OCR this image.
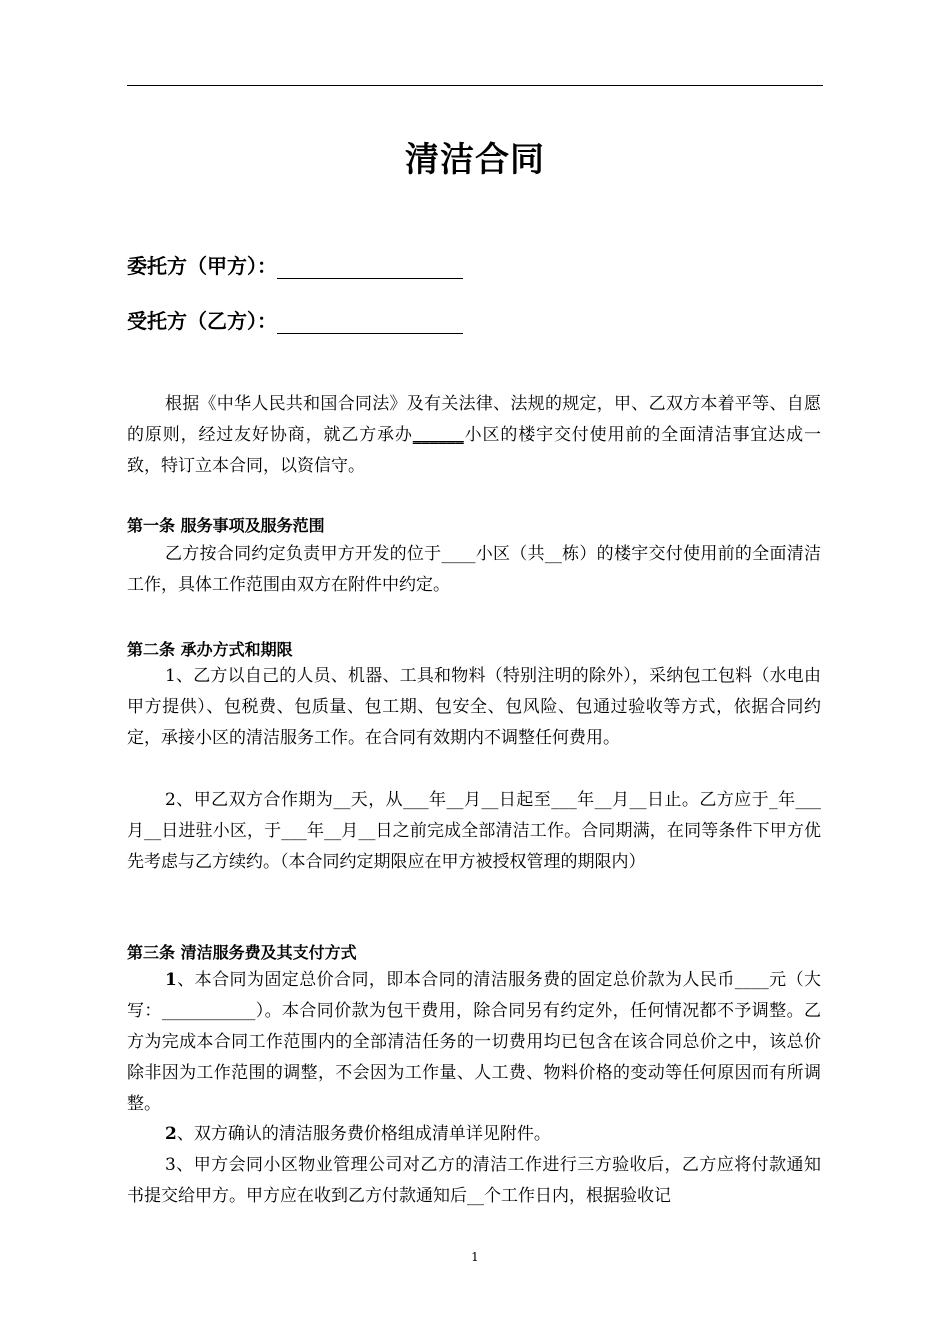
清洁合同
委托方（甲方）：
受托方（乙方）：
根据《中华人民共和国合同法》及有关法律、法规的规定，甲、乙双方本着平等、自愿的原则，经过友好协商，就乙方承办______小区的楼宇交付使用前的全面清洁事宜达成一致，特订立本合同，以资信守。
第一条 服务事项及服务范围
乙方按合同约定负责甲方开发的位于____小区（共__栋）的楼宇交付使用前的全面清洁工作，具体工作范围由双方在附件中约定。
第二条 承办方式和期限
1、乙方以自己的人员、机器、工具和物料（特别注明的除外），采纳包工包料（水电由甲方提供）、包税费、包质量、包工期、包安全、包风险、包通过验收等方式，依据合同约定，承接小区的清洁服务工作。在合同有效期内不调整任何费用。
2、甲乙双方合作期为__天，从___年__月__日起至___年__月__日止。乙方应于_年___月__日进驻小区，于___年__月__日之前完成全部清洁工作。合同期满，在同等条件下甲方优先考虑与乙方续约。（本合同约定期限应在甲方被授权管理的期限内）
第三条 清洁服务费及其支付方式
1、本合同为固定总价合同，即本合同的清洁服务费的固定总价款为人民币____元（大写：___________）。本合同价款为包干费用，除合同另有约定外，任何情况都不予调整。乙方为完成本合同工作范围内的全部清洁任务的一切费用均已包含在该合同总价之中，该总价除非因为工作范围的调整，不会因为工作量、人工费、物料价格的变动等任何原因而有所调整。
2、双方确认的清洁服务费价格组成清单详见附件。
3、甲方会同小区物业管理公司对乙方的清洁工作进行三方验收后，乙方应将付款通知书提交给甲方。甲方应在收到乙方付款通知后__个工作日内，根据验收记
1
